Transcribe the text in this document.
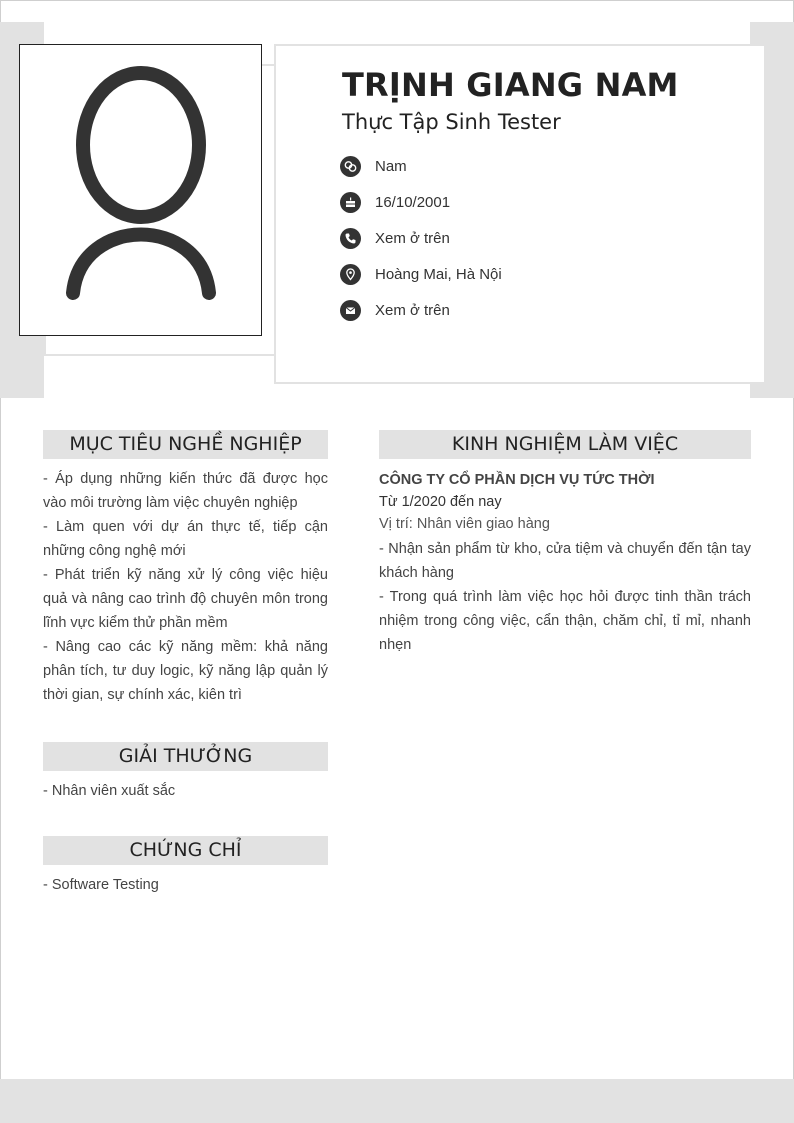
TRỊNH GIANG NAM
Thực Tập Sinh Tester
Nam
16/10/2001
Xem ở trên
Hoàng Mai, Hà Nội
Xem ở trên
MỤC TIÊU NGHỀ NGHIỆP

- Áp dụng những kiến thức đã được học vào môi trường làm việc chuyên nghiệp

- Làm quen với dự án thực tế, tiếp cận những công nghệ mới

- Phát triển kỹ năng xử lý công việc hiệu quả và nâng cao trình độ chuyên môn trong lĩnh vực kiểm thử phần mềm

- Nâng cao các kỹ năng mềm: khả năng phân tích, tư duy logic, kỹ năng lập quản lý thời gian, sự chính xác, kiên trì

GIẢI THƯỞNG

- Nhân viên xuất sắc

CHỨNG CHỈ

- Software Testing

KINH NGHIỆM LÀM VIỆC
CÔNG TY CỔ PHẦN DỊCH VỤ TỨC THỜI
Từ 1/2020 đến nay
Vị trí: Nhân viên giao hàng

- Nhận sản phẩm từ kho, cửa tiệm và chuyển đến tận tay khách hàng

- Trong quá trình làm việc học hỏi được tinh thần trách nhiệm trong công việc, cẩn thận, chăm chỉ, tỉ mỉ, nhanh nhẹn
